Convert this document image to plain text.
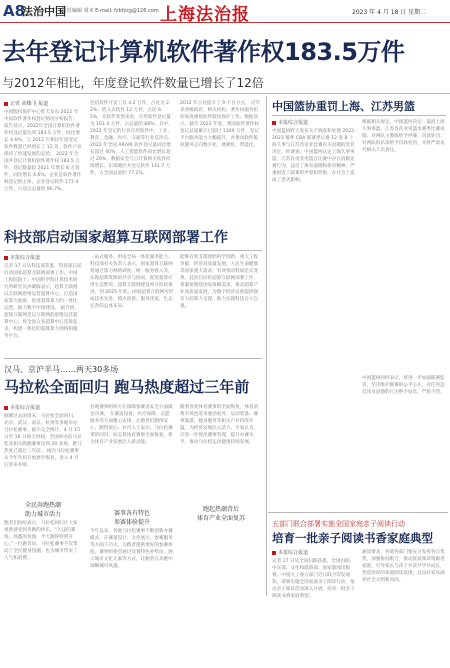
A8
法治中国
责任编辑 周末 E-mail: fzbfzzg@126.com 上海法治报	2023 年 4 月 18 日 星期二
去年登记计算机软件著作权183.5万件
与2012年相比，年度登记软件数量已增长了12倍
记者 胡蝶飞 报道
中国版权保护中心昨天发布 2022 年中国软件著作权登记情况分析报告。报告显示，2022年全国计算机软件著作权登记量达到 183.5 万件，同比增长 4.6%，与 2012 年相比年度登记软件数量已经增长了 12 倍，软件产业保持了快速发展的态势。 2022 年全国共登记计算机软件著作权 183.5 万件，登记数量较 2021 年增长 8 万余件，同比增长 4.6%。企业是软件著作权登记的主体，企业登记软件 177.4 万件，占登记总量的 96.7%。
包括软件开发工具 4.2 万件，占比为 2.2%；嵌入式软件 12 万件，占比 6.5%。从软件类型来看，应用软件登记量为 161.4 万件，占总量的 88%；其中，2022 年登记的行业应用软件中，工业、教育、金融、医疗、交通等行业是热点。 2022 年全国 AR/VR 软件登记量同比增长超过 40%，人工智能软件同比增长超过 20%，数据安全与云计算相关软件持续增长。东部地区共登记软件 141.7 万件，占全国总量的 77.2%。
2012 年占比提升了 9 个百分点。 近年来各级政府、相关机构、著作权服务机构高度重视软件版权保护工作。数据显示，截至 2022 年底，我国软件著作权登记总量累计已超过 1300 万件，登记平台服务能力大幅提升，并推动软件版权服务走向数字化、便捷化、智能化。
科技部启动国家超算互联网部署工作
本报综合报道
记者 17 日从科技部获悉，科技部日前启动国家超算互联网部署工作。中国工程院院士、中国科学院计算技术研究所研究员孙凝晖表示，超算互联网以互联网思维运营超算中心，打造国家算力底座，促进超算算力的一体化运营，助力数字中国建设。 据介绍，超算互联网是以互联网的思维运营超算中心，将全国众多超算中心连接起来，构建一体化的超算算力网络和服务平台。
一站式服务，形成全局一体化服务能力。科技部有关负责人表示，国家超算互联网将通过算力网络调度、统一服务接入等，实现超算资源的共享与协同，促进超算应用生态繁荣。超算互联网建设将分阶段推进，到 2025 年底，国家超算互联网可形成技术先进、模式创新、服务优质、生态完善的总体布局。
能够有效支撑原始科学创新、重大工程突破、经济高质量发展、人民生命健康等国家重大需求，有效推动科研范式变革。此次启动的超算互联网部署工作，将紧密围绕国家战略需求，推动超算产业高质量发展，为数字经济发展提供强有力的算力支撑，助力实现科技自立自强。
汉马、京沪半马……两天30多场
马拉松全面回归 跑马热度超过三年前
本报综合报道
刚刚过去的周末，马拉松全面回归，北京、武汉、南京、杭州等多地举办马拉松赛事。据不完全统计，4 月 15 日至 16 日两天时间，全国举办的马拉松及相关路跑赛事达到 30 多场，跑马热度已超过三年前。 国内马拉松赛事从今年年初开始逐步恢复，进入 4 月后迎来井喷。
全民奔跑热潮
助力城市活力
跑者们纷纷表示，马拉松回归让大家重新感受到奔跑的快乐。“久违的赛场，熟悉的氛围，今天跑得特别开心。”一位跑者说。马拉松赛事不仅带动了全民健身热潮，也为城市带来了人气和消费。
各地赛事组织方在保障参赛者安全方面做足功课。 在赛道设置、医疗保障、志愿服务等方面精心安排，让跑者们跑得安心、跑得放心。业内人士表示，马拉松赛事的回归，标志着体育赛事全面恢复，将为体育产业发展注入新动能。
赛事各有特色
参赛体验提升
今年以来，各地马拉松赛事不断创新办赛模式，在赛道设计、文化展示、参赛服务等方面下功夫，为跑者提供更好的参赛体验。赛事组委会通过设置特色补给站、展示城市文化元素等方式，让跑者在奔跑中领略城市风貌。
随着各类体育赛事的全面恢复，体育消费市场也迎来强劲复苏。运动装备、赛事旅游、健身服务等相关产业持续升温，为经济发展注入活力。专家认为，应进一步规范赛事管理，提升办赛水平，推动马拉松运动健康持续发展。
跑起热潮背后
体育产业全面复苏
中国篮协重罚上海、江苏男篮
本报综合报道
中国篮协昨天发布关于调查和处理 2022-2023 赛季 CBA 联赛季后赛 12 进 8 上海久事与江苏肯帝亚比赛有关问题的处罚决定。经调查，中国篮协认定上海久事男篮、江苏肯帝亚男篮在比赛中存在消极比赛行为，违反了体育道德和体育精神，严重损害了联赛的声誉和形象，在社会上造成了恶劣影响。
根据相关规定，中国篮协决定：取消上海久事男篮、江苏肯帝亚男篮本赛季比赛成绩；对两队主教练给予停赛、罚款处罚；对两队俱乐部给予罚款处罚，并将严肃追究相关人员责任。
中国篮协同时表示，将进一步加强联赛监管，坚决维护联赛的公平公正，对任何违反体育道德的行为绝不姑息、严惩不贷。
五部门联合部署实施全国家庭亲子阅读行动
培育一批亲子阅读书香家庭典型
本报综合报道
记者 17 日从全国妇联获悉，全国妇联、中宣部、文化和旅游部、国家新闻出版署、中国关工委五部门近日联合印发通知，部署实施全国家庭亲子阅读行动，推动亲子阅读活动深入开展，培育一批亲子阅读书香家庭典型。
通知要求，各地各部门要充分发挥各自优势，加强协同配合，推动优质阅读资源进家庭，引导家长与孩子共读共学共成长，营造浓厚的家庭阅读氛围，以良好家风涵养社会文明新风尚。
